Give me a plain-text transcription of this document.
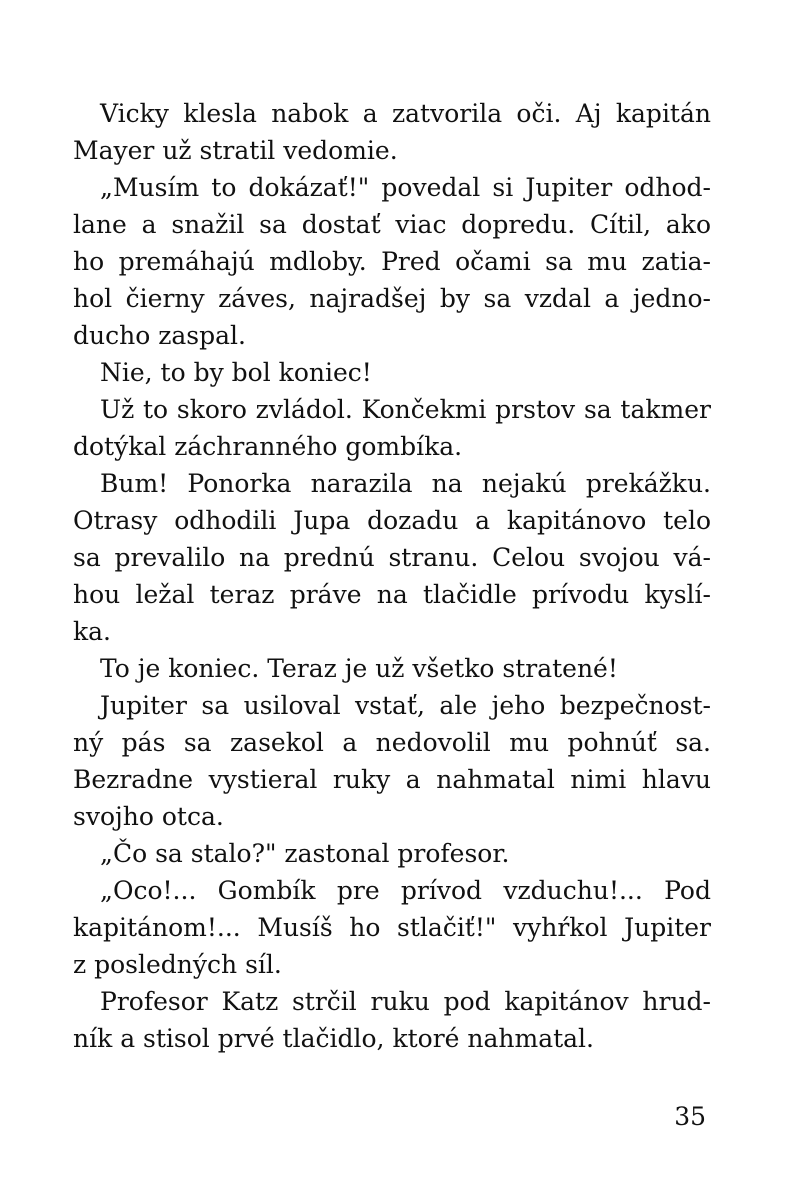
Vicky klesla nabok a zatvorila oči. Aj kapitán
Mayer už stratil vedomie.
„Musím to dokázať!" povedal si Jupiter odhod-
lane a snažil sa dostať viac dopredu. Cítil, ako
ho premáhajú mdloby. Pred očami sa mu zatia-
hol čierny záves, najradšej by sa vzdal a jedno-
ducho zaspal.
Nie, to by bol koniec!
Už to skoro zvládol. Končekmi prstov sa takmer
dotýkal záchranného gombíka.
Bum! Ponorka narazila na nejakú prekážku.
Otrasy odhodili Jupa dozadu a kapitánovo telo
sa prevalilo na prednú stranu. Celou svojou vá-
hou ležal teraz práve na tlačidle prívodu kyslí-
ka.
To je koniec. Teraz je už všetko stratené!
Jupiter sa usiloval vstať, ale jeho bezpečnost-
ný pás sa zasekol a nedovolil mu pohnúť sa.
Bezradne vystieral ruky a nahmatal nimi hlavu
svojho otca.
„Čo sa stalo?" zastonal profesor.
„Oco!... Gombík pre prívod vzduchu!... Pod
kapitánom!... Musíš ho stlačiť!" vyhŕkol Jupiter
z posledných síl.
Profesor Katz strčil ruku pod kapitánov hrud-
ník a stisol prvé tlačidlo, ktoré nahmatal.
35
